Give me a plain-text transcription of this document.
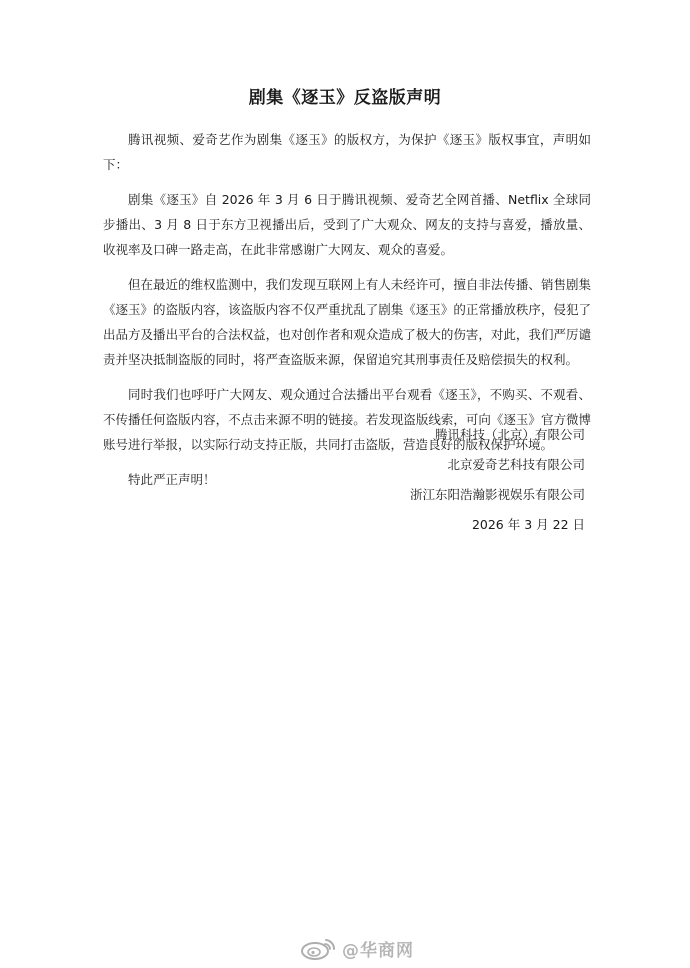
剧集《逐玉》反盗版声明

腾讯视频、爱奇艺作为剧集《逐玉》的版权方，为保护《逐玉》版权事宜，声明如下：

剧集《逐玉》自 2026 年 3 月 6 日于腾讯视频、爱奇艺全网首播、Netflix 全球同步播出、3 月 8 日于东方卫视播出后，受到了广大观众、网友的支持与喜爱，播放量、收视率及口碑一路走高，在此非常感谢广大网友、观众的喜爱。

但在最近的维权监测中，我们发现互联网上有人未经许可，擅自非法传播、销售剧集《逐玉》的盗版内容，该盗版内容不仅严重扰乱了剧集《逐玉》的正常播放秩序，侵犯了出品方及播出平台的合法权益，也对创作者和观众造成了极大的伤害，对此，我们严厉谴责并坚决抵制盗版的同时，将严查盗版来源，保留追究其刑事责任及赔偿损失的权利。

同时我们也呼吁广大网友、观众通过合法播出平台观看《逐玉》，不购买、不观看、不传播任何盗版内容，不点击来源不明的链接。若发现盗版线索，可向《逐玉》官方微博账号进行举报，以实际行动支持正版，共同打击盗版，营造良好的版权保护环境。

特此严正声明！

腾讯科技（北京）有限公司
北京爱奇艺科技有限公司
浙江东阳浩瀚影视娱乐有限公司
2026 年 3 月 22 日
@华商网
